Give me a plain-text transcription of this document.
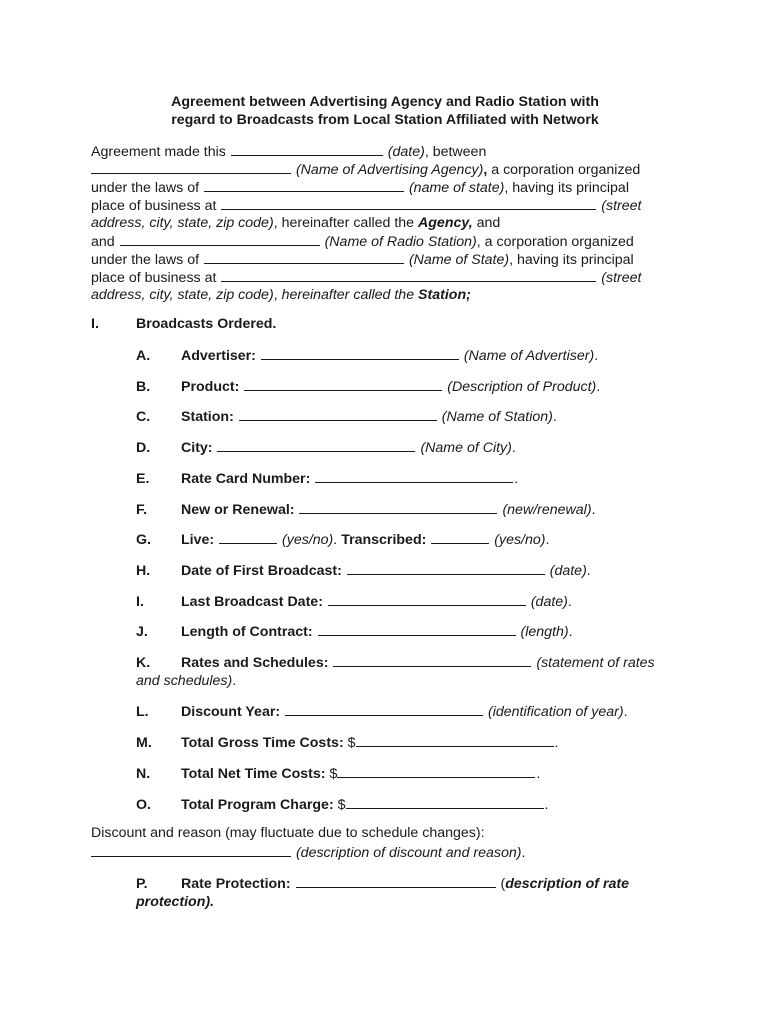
Agreement between Advertising Agency and Radio Station with
regard to Broadcasts from Local Station Affiliated with Network
Agreement made this	(date), between
(Name of Advertising Agency), a corporation organized
under the laws of	(name of state), having its principal
place of business at	(street
address, city, state, zip code), hereinafter called the Agency, and
and	(Name of Radio Station), a corporation organized
under the laws of	(Name of State), having its principal
place of business at	(street
address, city, state, zip code), hereinafter called the Station;
I.	Broadcasts Ordered.
A. Advertiser:	(Name of Advertiser).
B. Product:	(Description of Product).
C. Station:	(Name of Station).
D. City:	(Name of City).
E. Rate Card Number:	.
F. New or Renewal:	(new/renewal).
G. Live:	(yes/no). Transcribed:	(yes/no).
H. Date of First Broadcast:	(date).
I.	Last Broadcast Date:	(date).
J. Length of Contract:	(length).
K. Rates and Schedules:	(statement of rates
and schedules).
L. Discount Year:	(identification of year).
M. Total Gross Time Costs: $	.
N. Total Net Time Costs: $	.
O. Total Program Charge: $	.
Discount and reason (may fluctuate due to schedule changes):
(description of discount and reason).
P. Rate Protection:	(description of rate
protection).
